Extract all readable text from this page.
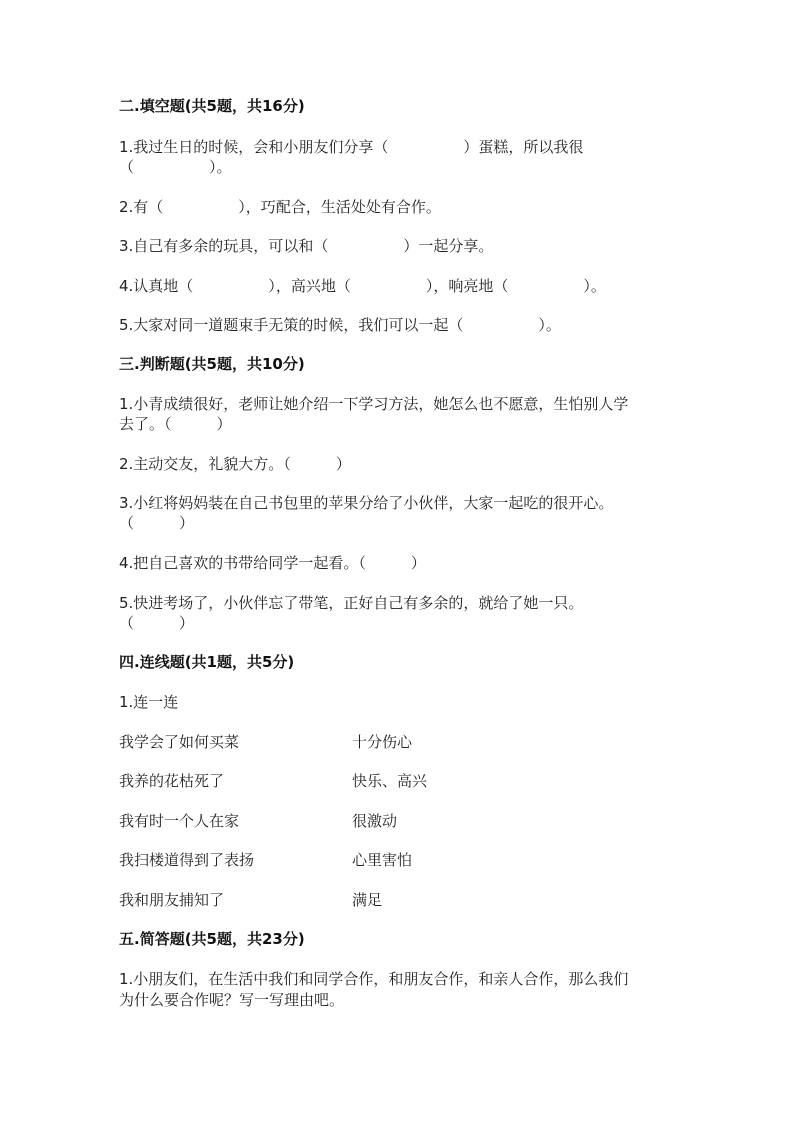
二.填空题(共5题，共16分)
1.我过生日的时候，会和小朋友们分享（　　　　　）蛋糕，所以我很
（　　　　　）。
2.有（　　　　　），巧配合，生活处处有合作。
3.自己有多余的玩具，可以和（　　　　　）一起分享。
4.认真地（　　　　　），高兴地（　　　　　），响亮地（　　　　　）。
5.大家对同一道题束手无策的时候，我们可以一起（　　　　　）。
三.判断题(共5题，共10分)
1.小青成绩很好，老师让她介绍一下学习方法，她怎么也不愿意，生怕别人学
去了。（　　　）
2.主动交友，礼貌大方。（　　　）
3.小红将妈妈装在自己书包里的苹果分给了小伙伴，大家一起吃的很开心。
（　　　）
4.把自己喜欢的书带给同学一起看。（　　　）
5.快进考场了，小伙伴忘了带笔，正好自己有多余的，就给了她一只。
（　　　）
四.连线题(共1题，共5分)
1.连一连
我学会了如何买菜	十分伤心
我养的花枯死了	快乐、高兴
我有时一个人在家	很激动
我扫楼道得到了表扬	心里害怕
我和朋友捕知了	满足
五.简答题(共5题，共23分)
1.小朋友们，在生活中我们和同学合作，和朋友合作，和亲人合作，那么我们
为什么要合作呢？写一写理由吧。
